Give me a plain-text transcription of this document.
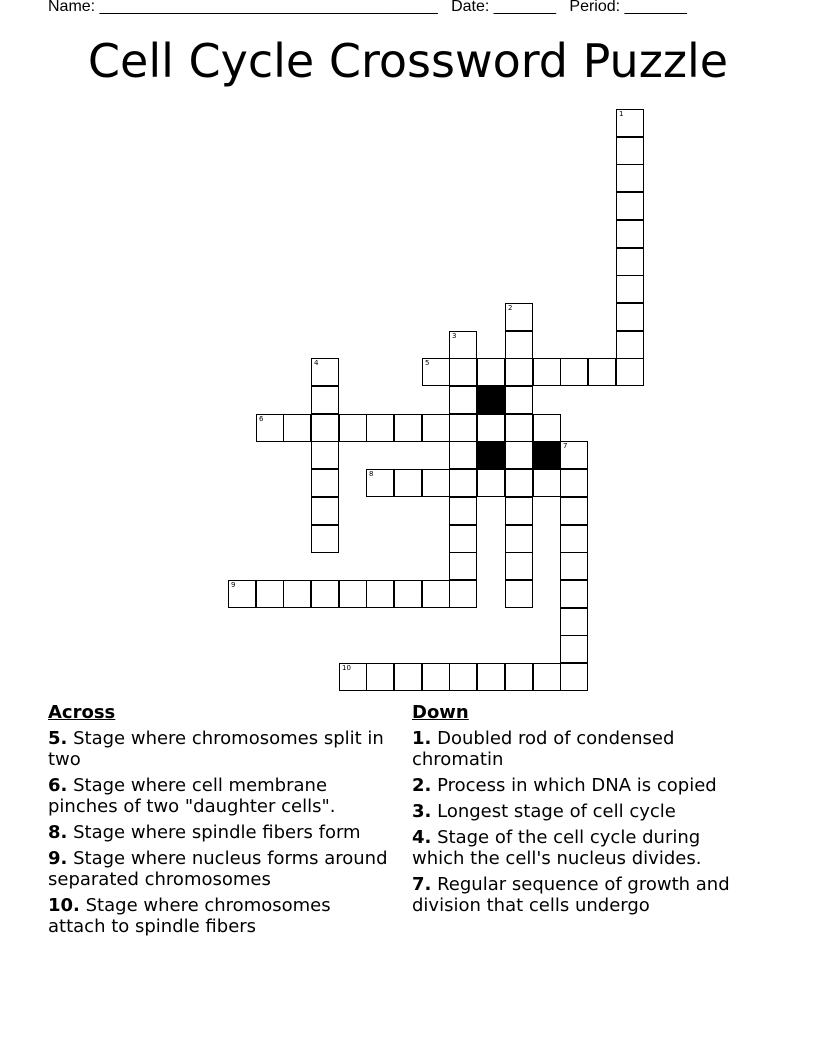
Name: ______________________________________ Date: _______ Period: _______
Cell Cycle Crossword Puzzle
1
2
3
4	5
6
7
8
9
10
Across
5. Stage where chromosomes split in two
6. Stage where cell membrane pinches of two "daughter cells".
8. Stage where spindle fibers form
9. Stage where nucleus forms around separated chromosomes
10. Stage where chromosomes attach to spindle fibers
Down
1. Doubled rod of condensed chromatin
2. Process in which DNA is copied
3. Longest stage of cell cycle
4. Stage of the cell cycle during which the cell's nucleus divides.
7. Regular sequence of growth and division that cells undergo
